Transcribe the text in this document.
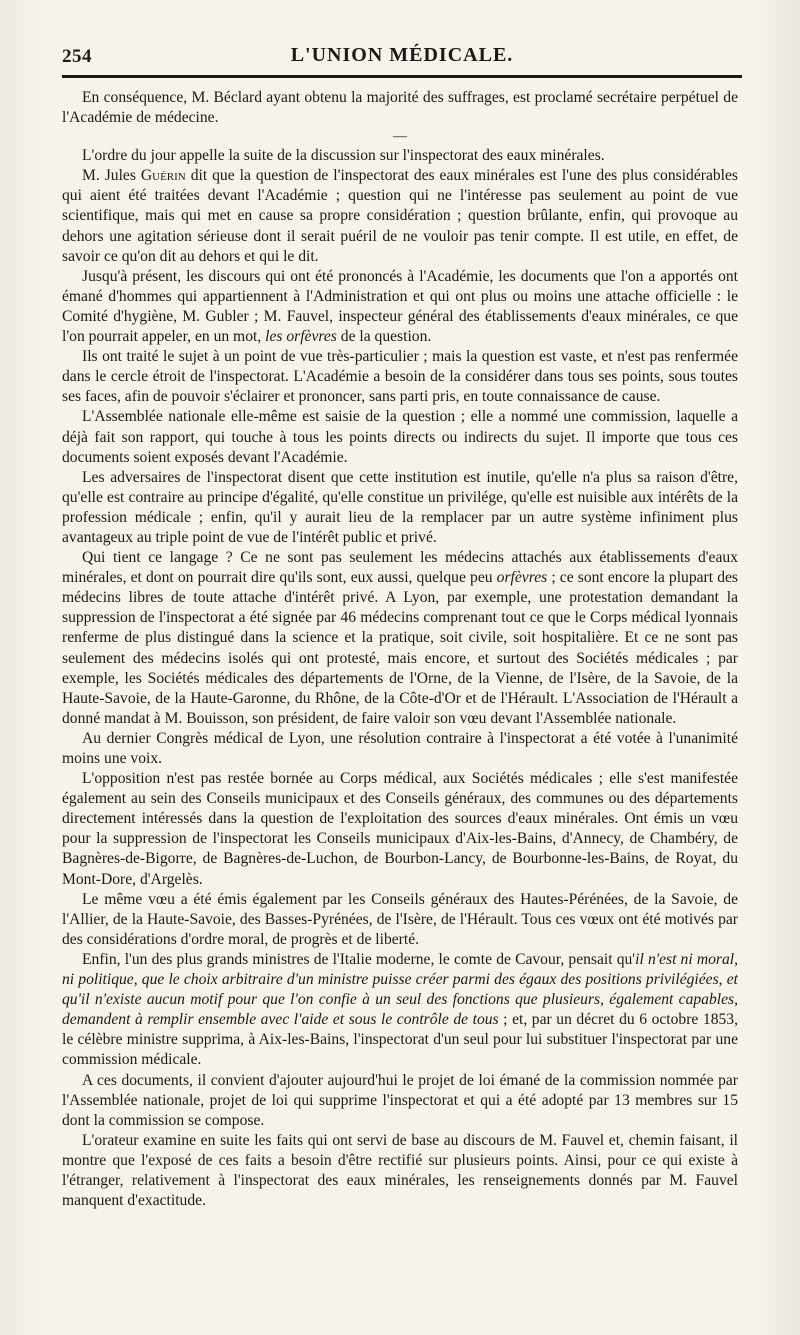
254	L'UNION MÉDICALE.

En conséquence, M. Béclard ayant obtenu la majorité des suffrages, est proclamé secrétaire perpétuel de l'Académie de médecine.

—

L'ordre du jour appelle la suite de la discussion sur l'inspectorat des eaux minérales.

M. Jules Guérin dit que la question de l'inspectorat des eaux minérales est l'une des plus considérables qui aient été traitées devant l'Académie ; question qui ne l'intéresse pas seulement au point de vue scientifique, mais qui met en cause sa propre considération ; question brûlante, enfin, qui provoque au dehors une agitation sérieuse dont il serait puéril de ne vouloir pas tenir compte. Il est utile, en effet, de savoir ce qu'on dit au dehors et qui le dit.

Jusqu'à présent, les discours qui ont été prononcés à l'Académie, les documents que l'on a apportés ont émané d'hommes qui appartiennent à l'Administration et qui ont plus ou moins une attache officielle : le Comité d'hygiène, M. Gubler ; M. Fauvel, inspecteur général des établissements d'eaux minérales, ce que l'on pourrait appeler, en un mot, les orfèvres de la question.

Ils ont traité le sujet à un point de vue très-particulier ; mais la question est vaste, et n'est pas renfermée dans le cercle étroit de l'inspectorat. L'Académie a besoin de la considérer dans tous ses points, sous toutes ses faces, afin de pouvoir s'éclairer et prononcer, sans parti pris, en toute connaissance de cause.

L'Assemblée nationale elle-même est saisie de la question ; elle a nommé une commission, laquelle a déjà fait son rapport, qui touche à tous les points directs ou indirects du sujet. Il importe que tous ces documents soient exposés devant l'Académie.

Les adversaires de l'inspectorat disent que cette institution est inutile, qu'elle n'a plus sa raison d'être, qu'elle est contraire au principe d'égalité, qu'elle constitue un privilége, qu'elle est nuisible aux intérêts de la profession médicale ; enfin, qu'il y aurait lieu de la remplacer par un autre système infiniment plus avantageux au triple point de vue de l'intérêt public et privé.

Qui tient ce langage ? Ce ne sont pas seulement les médecins attachés aux établissements d'eaux minérales, et dont on pourrait dire qu'ils sont, eux aussi, quelque peu orfèvres ; ce sont encore la plupart des médecins libres de toute attache d'intérêt privé. A Lyon, par exemple, une protestation demandant la suppression de l'inspectorat a été signée par 46 médecins comprenant tout ce que le Corps médical lyonnais renferme de plus distingué dans la science et la pratique, soit civile, soit hospitalière. Et ce ne sont pas seulement des médecins isolés qui ont protesté, mais encore, et surtout des Sociétés médicales ; par exemple, les Sociétés médicales des départements de l'Orne, de la Vienne, de l'Isère, de la Savoie, de la Haute-Savoie, de la Haute-Garonne, du Rhône, de la Côte-d'Or et de l'Hérault. L'Association de l'Hérault a donné mandat à M. Bouisson, son président, de faire valoir son vœu devant l'Assemblée nationale.

Au dernier Congrès médical de Lyon, une résolution contraire à l'inspectorat a été votée à l'unanimité moins une voix.

L'opposition n'est pas restée bornée au Corps médical, aux Sociétés médicales ; elle s'est manifestée également au sein des Conseils municipaux et des Conseils généraux, des communes ou des départements directement intéressés dans la question de l'exploitation des sources d'eaux minérales. Ont émis un vœu pour la suppression de l'inspectorat les Conseils municipaux d'Aix-les-Bains, d'Annecy, de Chambéry, de Bagnères-de-Bigorre, de Bagnères-de-Luchon, de Bourbon-Lancy, de Bourbonne-les-Bains, de Royat, du Mont-Dore, d'Argelès.

Le même vœu a été émis également par les Conseils généraux des Hautes-Pérénées, de la Savoie, de l'Allier, de la Haute-Savoie, des Basses-Pyrénées, de l'Isère, de l'Hérault. Tous ces vœux ont été motivés par des considérations d'ordre moral, de progrès et de liberté.

Enfin, l'un des plus grands ministres de l'Italie moderne, le comte de Cavour, pensait qu'il n'est ni moral, ni politique, que le choix arbitraire d'un ministre puisse créer parmi des égaux des positions privilégiées, et qu'il n'existe aucun motif pour que l'on confie à un seul des fonctions que plusieurs, également capables, demandent à remplir ensemble avec l'aide et sous le contrôle de tous ; et, par un décret du 6 octobre 1853, le célèbre ministre supprima, à Aix-les-Bains, l'inspectorat d'un seul pour lui substituer l'inspectorat par une commission médicale.

A ces documents, il convient d'ajouter aujourd'hui le projet de loi émané de la commission nommée par l'Assemblée nationale, projet de loi qui supprime l'inspectorat et qui a été adopté par 13 membres sur 15 dont la commission se compose.

L'orateur examine en suite les faits qui ont servi de base au discours de M. Fauvel et, chemin faisant, il montre que l'exposé de ces faits a besoin d'être rectifié sur plusieurs points. Ainsi, pour ce qui existe à l'étranger, relativement à l'inspectorat des eaux minérales, les renseignements donnés par M. Fauvel manquent d'exactitude.
